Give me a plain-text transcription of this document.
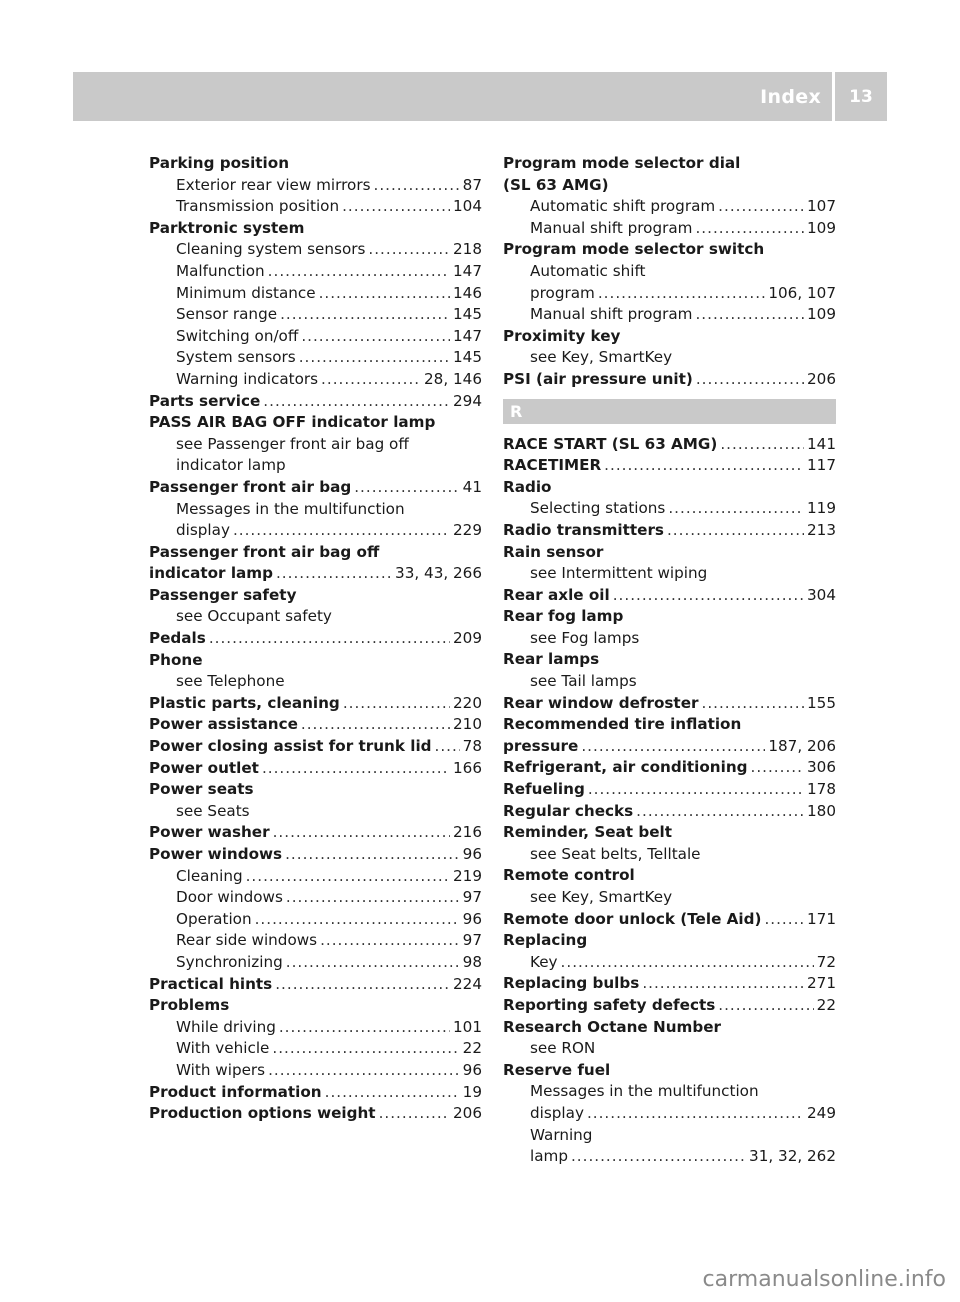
Index	13
Parking position
Exterior rear view mirrors .....	87
Transmission position .....	104
Parktronic system
Cleaning system sensors .....	218
Malfunction .....	147
Minimum distance .....	146
Sensor range .....	145
Switching on/off .....	147
System sensors .....	145
Warning indicators .....	28, 146
Parts service .....	294
PASS AIR BAG OFF indicator lamp
see Passenger front air bag off
indicator lamp
Passenger front air bag .....	41
Messages in the multifunction
display .....	229
Passenger front air bag off
indicator lamp .....	33, 43, 266
Passenger safety
see Occupant safety
Pedals .....	209
Phone
see Telephone
Plastic parts, cleaning .....	220
Power assistance .....	210
Power closing assist for trunk lid ..... 78
Power outlet .....	166
Power seats
see Seats
Power washer .....	216
Power windows .....	96
Cleaning .....	219
Door windows .....	97
Operation .....	96
Rear side windows .....	97
Synchronizing .....	98
Practical hints .....	224
Problems
While driving .....	101
With vehicle .....	22
With wipers .....	96
Product information .....	19
Production options weight .....	206
Program mode selector dial
(SL 63 AMG)
Automatic shift program .....	107
Manual shift program .....	109
Program mode selector switch
Automatic shift
program .....	106, 107
Manual shift program .....	109
Proximity key
see Key, SmartKey
PSI (air pressure unit) .....	206
R
RACE START (SL 63 AMG) .....	141
RACETIMER .....	117
Radio
Selecting stations .....	119
Radio transmitters .....	213
Rain sensor
see Intermittent wiping
Rear axle oil .....	304
Rear fog lamp
see Fog lamps
Rear lamps
see Tail lamps
Rear window defroster .....	155
Recommended tire inflation
pressure .....	187, 206
Refrigerant, air conditioning .....	306
Refueling .....	178
Regular checks .....	180
Reminder, Seat belt
see Seat belts, Telltale
Remote control
see Key, SmartKey
Remote door unlock (Tele Aid) .....	171
Replacing
Key .....	72
Replacing bulbs .....	271
Reporting safety defects .....	22
Research Octane Number
see RON
Reserve fuel
Messages in the multifunction
display .....	249
Warning
lamp .....	31, 32, 262
carmanualsonline.info
